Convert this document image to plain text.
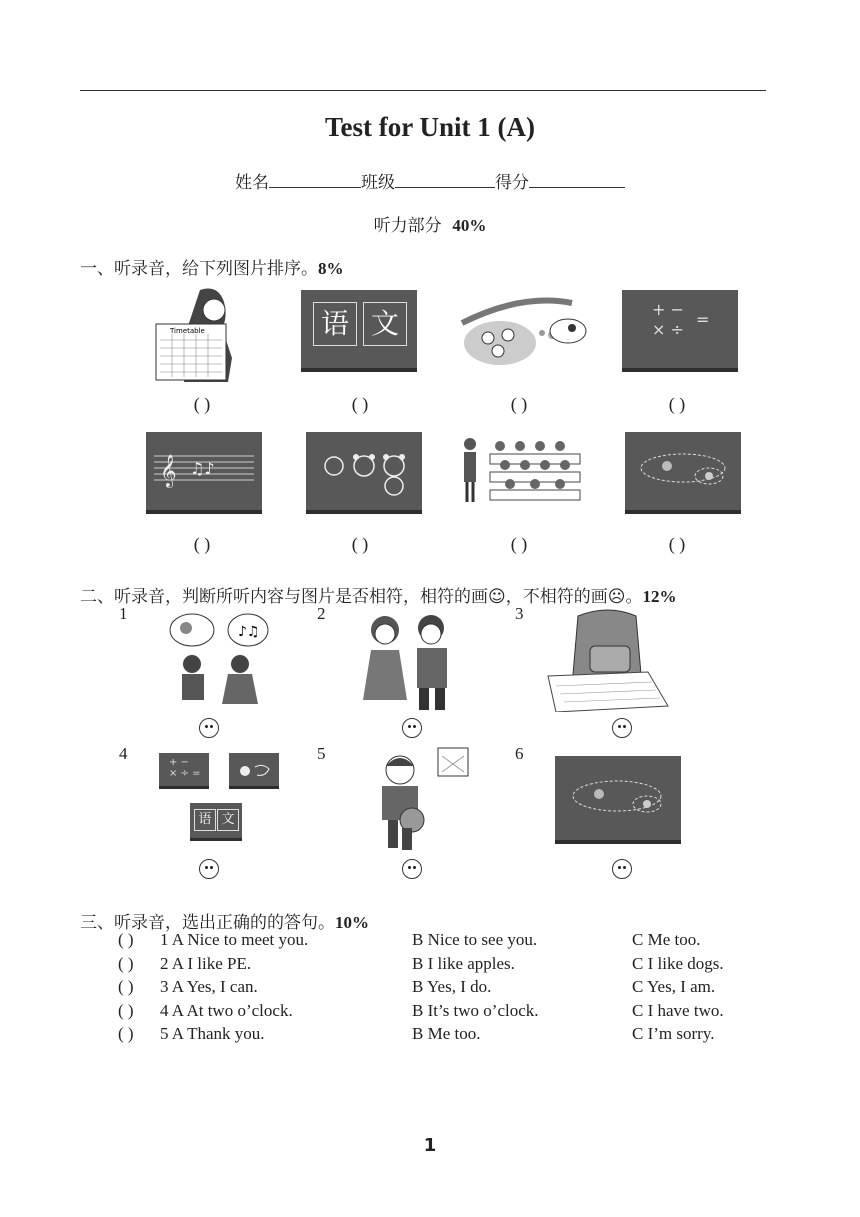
Test for Unit 1 (A)
姓名	班级	得分
听力部分 40%
一、听录音，给下列图片排序。8%
Timetable	语 文	+ −
× ÷
=
( )	( )	( )	( )
𝄞 ♫♪
( )	( )	( )	( )
二、听录音，判断所听内容与图片是否相符，相符的画☺，不相符的画☹。12%
1	2	3
♪♫
4	5	6
+ −
× ÷ =
语 文
三、听录音，选出正确的的答句。10%
( ) 1 A Nice to meet you.	B Nice to see you.	C Me too.
( ) 2 A I like PE.	B I like apples.	C I like dogs.
( ) 3 A Yes, I can.	B Yes, I do.	C Yes, I am.
( ) 4 A At two o’clock.	B It’s two o’clock.	C I have two.
( ) 5 A Thank you.	B Me too.	C I’m sorry.
1
